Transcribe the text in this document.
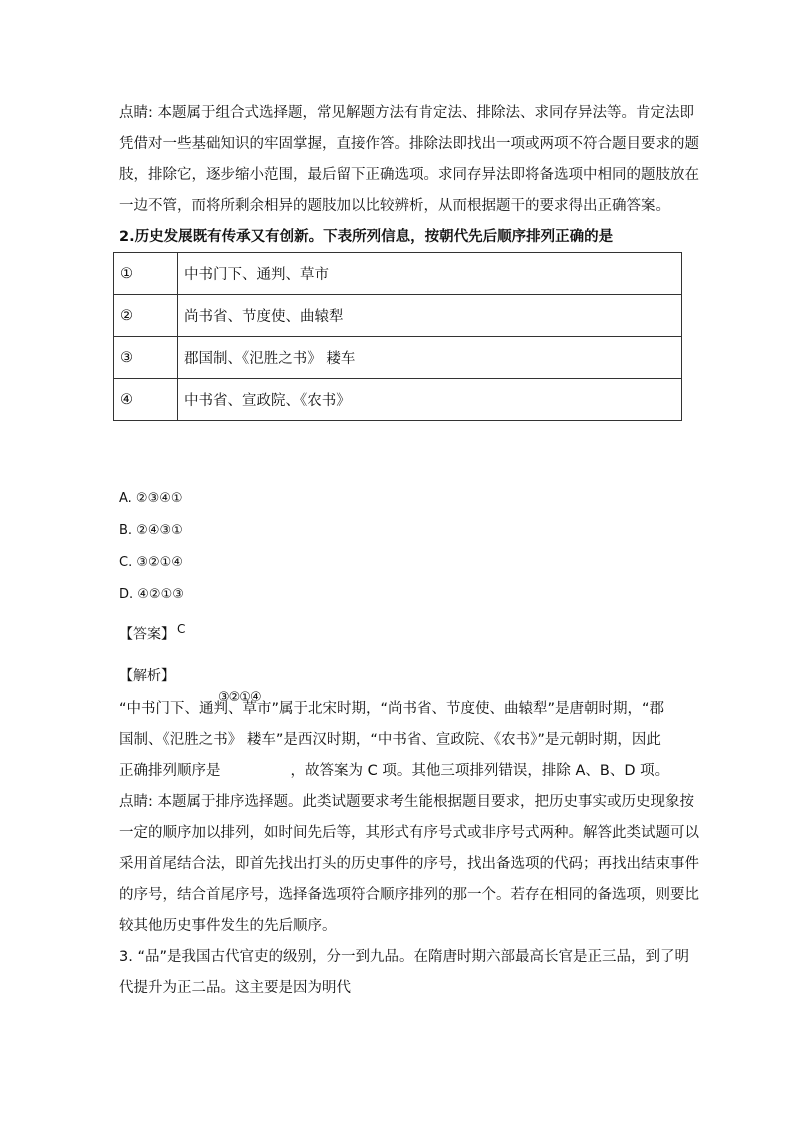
点睛: 本题属于组合式选择题，常见解题方法有肯定法、排除法、求同存异法等。肯定法即
凭借对一些基础知识的牢固掌握，直接作答。排除法即找出一项或两项不符合题目要求的题
肢，排除它，逐步缩小范围，最后留下正确选项。求同存异法即将备选项中相同的题肢放在
一边不管，而将所剩余相异的题肢加以比较辨析，从而根据题干的要求得出正确答案。
2.历史发展既有传承又有创新。下表所列信息，按朝代先后顺序排列正确的是
①	中书门下、通判、草市
②	尚书省、节度使、曲辕犁
③	郡国制、《氾胜之书》 耧车
④	中书省、宣政院、《农书》
A. ②③④①
B. ②④③①
C. ③②①④
D. ④②①③
【答案】 C
【解析】
③②①④
“中书门下、通判、草市”属于北宋时期，“尚书省、节度使、曲辕犁”是唐朝时期，“郡
国制、《氾胜之书》 耧车”是西汉时期，“中书省、宣政院、《农书》”是元朝时期，因此
正确排列顺序是	，故答案为 C 项。其他三项排列错误，排除 A、B、D 项。
点睛: 本题属于排序选择题。此类试题要求考生能根据题目要求，把历史事实或历史现象按
一定的顺序加以排列，如时间先后等，其形式有序号式或非序号式两种。解答此类试题可以
采用首尾结合法，即首先找出打头的历史事件的序号，找出备选项的代码；再找出结束事件
的序号，结合首尾序号，选择备选项符合顺序排列的那一个。若存在相同的备选项，则要比
较其他历史事件发生的先后顺序。
3. “品”是我国古代官吏的级别，分一到九品。在隋唐时期六部最高长官是正三品，到了明
代提升为正二品。这主要是因为明代
